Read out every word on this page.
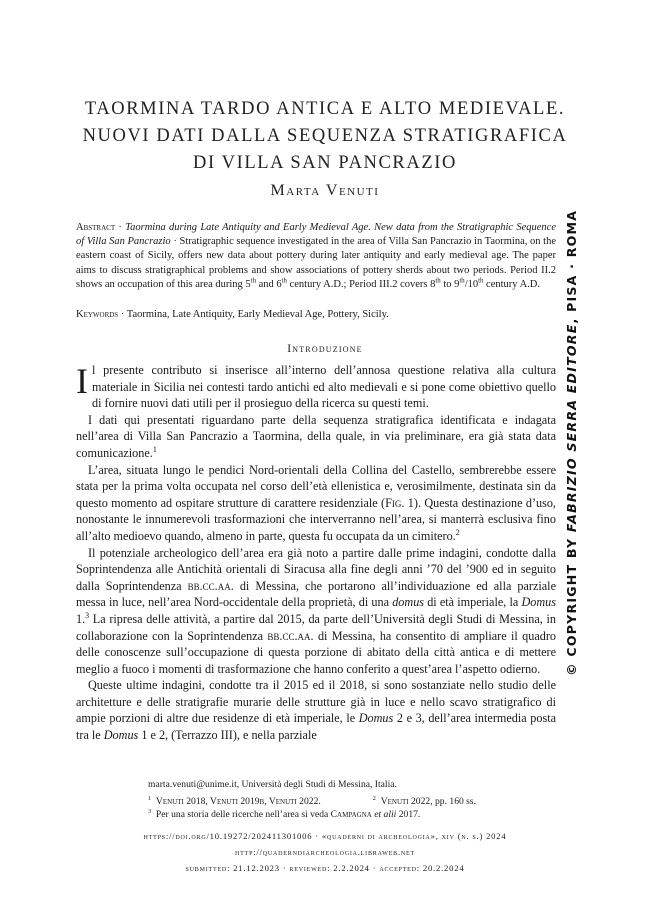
TAORMINA TARDO ANTICA E ALTO MEDIEVALE.
NUOVI DATI DALLA SEQUENZA STRATIGRAFICA
DI VILLA SAN PANCRAZIO
Marta Venuti
Abstract · Taormina during Late Antiquity and Early Medieval Age. New data from the Stratigraphic Sequence of Villa San Pancrazio · Stratigraphic sequence investigated in the area of Villa San Pancrazio in Taormina, on the eastern coast of Sicily, offers new data about pottery during later antiquity and early medieval age. The paper aims to discuss stratigraphical problems and show associations of pottery sherds about two periods. Period II.2 shows an occupation of this area during 5th and 6th century A.D.; Period III.2 covers 8th to 9th/10th century A.D.
Keywords · Taormina, Late Antiquity, Early Medieval Age, Pottery, Sicily.
Introduzione

Il presente contributo si inserisce all’interno dell’annosa questione relativa alla cultura materiale in Sicilia nei contesti tardo antichi ed alto medievali e si pone come obiettivo quello di fornire nuovi dati utili per il prosieguo della ricerca su questi temi.

I dati qui presentati riguardano parte della sequenza stratigrafica identificata e indagata nell’area di Villa San Pancrazio a Taormina, della quale, in via preliminare, era già stata data comunicazione.$^1$

L’area, situata lungo le pendici Nord-orientali della Collina del Castello, sembrerebbe essere stata per la prima volta occupata nel corso dell’età ellenistica e, verosimilmente, destinata sin da questo momento ad ospitare strutture di carattere residenziale (Fig. 1). Questa destinazione d’uso, nonostante le innumerevoli trasformazioni che interverranno nell’area, si manterrà esclusiva fino all’alto medioevo quando, almeno in parte, questa fu occupata da un cimitero.$^2$

Il potenziale archeologico dell’area era già noto a partire dalle prime indagini, condotte dalla Soprintendenza alle Antichità orientali di Siracusa alla fine degli anni ’70 del ’900 ed in seguito dalla Soprintendenza bb.cc.aa. di Messina, che portarono all’individuazione ed alla parziale messa in luce, nell’area Nord-occidentale della proprietà, di una domus di età imperiale, la Domus 1.$^3$ La ripresa delle attività, a partire dal 2015, da parte dell’Università degli Studi di Messina, in collaborazione con la Soprintendenza bb.cc.aa. di Messina, ha consentito di ampliare il quadro delle conoscenze sull’occupazione di questa porzione di abitato della città antica e di mettere meglio a fuoco i momenti di trasformazione che hanno conferito a quest’area l’aspetto odierno.

Queste ultime indagini, condotte tra il 2015 ed il 2018, si sono sostanziate nello studio delle architetture e delle stratigrafie murarie delle strutture già in luce e nello scavo stratigrafico di ampie porzioni di altre due residenze di età imperiale, le Domus 2 e 3, dell’area intermedia posta tra le Domus 1 e 2, (Terrazzo III), e nella parziale

marta.venuti@unime.it, Università degli Studi di Messina, Italia.
$^1$ Venuti 2018, Venuti 2019b, Venuti 2022.	$^2$ Venuti 2022, pp. 160 ss.
$^3$ Per una storia delle ricerche nell’area si veda Campagna et alii 2017.
https://doi.org/10.19272/202411301006 · «quaderni di archeologia», xiv (n. s.) 2024
http://quaderndiarcheologia.libraweb.net
submitted: 21.12.2023 · reviewed: 2.2.2024 · accepted: 20.2.2024
© COPYRIGHT BY FABRIZIO SERRA EDITORE, PISA · ROMA
